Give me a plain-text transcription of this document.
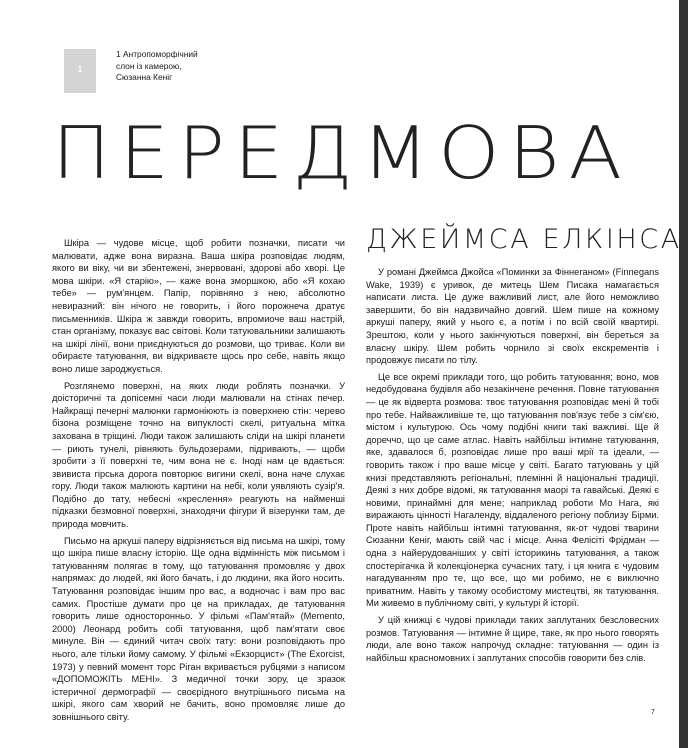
1
1 Антропоморфічний
слон із камерою,
Сюзанна Кеніг
ПЕРЕДМОВА
ДЖЕЙМСА ЕЛКІНСА

Шкіра — чудове місце, щоб робити позначки, писати чи малювати, адже вона виразна. Ваша шкіра розповідає людям, якого ви віку, чи ви збентежені, знервовані, здорові або хворі. Це мова шкіри. «Я старію», — каже вона зморшкою, або «Я кохаю тебе» — рум'янцем. Папір, порівняно з нею, абсолютно невиразний: він нічого не говорить, і його порожнеча дратує письменників. Шкіра ж завжди говорить, впромиоче ваш настрій, стан організму, показує вас світові. Коли татуювальники залишають на шкірі лінії, вони приєднуються до розмови, що триває. Коли ви обираєте татуювання, ви відкриваєте щось про себе, навіть якщо воно лише зароджується.

Розглянемо поверхні, на яких люди роблять позначки. У доісторичні та допісемні часи люди малювали на стінах печер. Найкращі печерні малюнки гармоніюють із поверхнею стін: черево бізона розміщене точно на випуклості скелі, ритуальна мітка захована в тріщині. Люди також залишають сліди на шкірі планети — риють тунелі, рівняють бульдозерами, підривають, — щоби зробити з її поверхні те, чим вона не є. Іноді нам це вдається: звивиста гірська дорога повторює вигини скелі, вона наче слухає гору. Люди також малюють картини на небі, коли уявляють сузір'я. Подібно до тату, небесні «креслення» реагують на найменші підказки безмовної поверхні, знаходячи фігури й візерунки там, де природа мовчить.

Письмо на аркуші паперу відрізняється від письма на шкірі, тому що шкіра пише власну історію. Ще одна відмінність між письмом і татуюванням полягає в тому, що татуювання промовляє у двох напрямах: до людей, які його бачать, і до людини, яка його носить. Татуювання розповідає іншим про вас, а водночас і вам про вас самих. Простіше думати про це на прикладах, де татуювання говорить лише односторонньо. У фільмі «Пам'ятай» (Memento, 2000) Леонард робить собі татуювання, щоб пам'ятати своє минуле. Він — єдиний читач своїх тату: вони розповідають про нього, але тільки йому самому. У фільмі «Екзорцист» (The Exorcist, 1973) у певний момент торс Ріган вкривається рубцями з написом «ДОПОМОЖІТЬ МЕНІ». З медичної точки зору, це зразок істеричної дермографії — своєрідного внутрішнього письма на шкірі, якого сам хворий не бачить, воно промовляє лише до зовнішнього світу.

У романі Джеймса Джойса «Поминки за Фіннеганом» (Finnegans Wake, 1939) є уривок, де митець Шем Писака намагається написати листа. Це дуже важливий лист, але його неможливо завершити, бо він надзвичайно довгий. Шем пише на кожному аркуші паперу, який у нього є, а потім і по всій своїй квартирі. Зрештою, коли у нього закінчуються поверхні, він береться за власну шкіру. Шем робить чорнило зі своїх екскрементів і продовжує писати по тілу.

Це все окремі приклади того, що робить татуювання; воно, мов недобудована будівля або незакінчене речення. Повне татуювання — це як відверта розмова: твоє татуювання розповідає мені й тобі про тебе. Найважливіше те, що татуювання пов'язує тебе з сім'єю, містом і культурою. Ось чому подібні книги такі важливі. Ще й дореччо, що це саме атлас. Навіть найбільш інтимне татуювання, яке, здавалося б, розповідає лише про ваші мрії та ідеали, — говорить також і про ваше місце у світі. Багато татуювань у цій книзі представляють регіональні, племінні й національні традиції. Деякі з них добре відомі, як татуювання маорі та гавайські. Деякі є новими, принаймні для мене; наприклад роботи Мо Нага, які виражають цінності Нагаленду, віддаленого регіону поблизу Бірми. Проте навіть найбільш інтимні татуювання, як-от чудові тварини Сюзанни Кеніг, мають свій час і місце. Анна Фелісіті Фрідман — одна з найерудованіших у світі історикинь татуювання, а також спостерігачка й колекціонерка сучасних тату, і ця книга є чудовим нагадуванням про те, що все, що ми робимо, не є виключно приватним. Навіть у такому особистому мистецтві, як татуювання. Ми живемо в публічному світі, у культурі й історії.

У цій книжці є чудові приклади таких заплутаних безсловесних розмов. Татуювання — інтимне й щире, таке, як про нього говорять люди, але воно також напрочуд складне: татуювання — один із найбільш красномовних і заплутаних способів говорити без слів.

7
